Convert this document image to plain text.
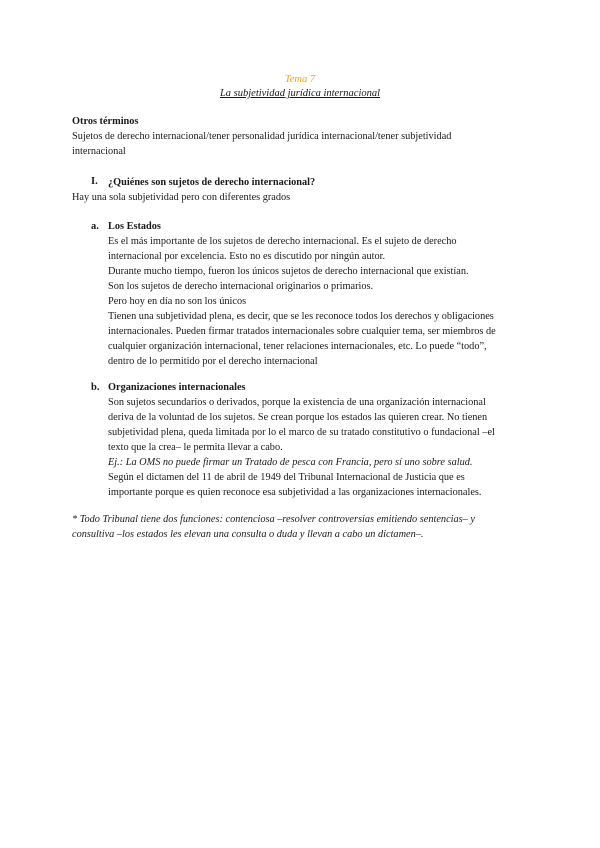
Tema 7
La subjetividad jurídica internacional
Otros términos
Sujetos de derecho internacional/tener personalidad jurídica internacional/tener subjetividad
internacional
I. ¿Quiénes son sujetos de derecho internacional?
Hay una sola subjetividad pero con diferentes grados
a. Los Estados
Es el más importante de los sujetos de derecho internacional. Es el sujeto de derecho
internacional por excelencia. Esto no es discutido por ningún autor.
Durante mucho tiempo, fueron los únicos sujetos de derecho internacional que existían.
Son los sujetos de derecho internacional originarios o primarios.
Pero hoy en día no son los únicos
Tienen una subjetividad plena, es decir, que se les reconoce todos los derechos y obligaciones
internacionales. Pueden firmar tratados internacionales sobre cualquier tema, ser miembros de
cualquier organización internacional, tener relaciones internacionales, etc. Lo puede “todo”,
dentro de lo permitido por el derecho internacional
b. Organizaciones internacionales
Son sujetos secundarios o derivados, porque la existencia de una organización internacional
deriva de la voluntad de los sujetos. Se crean porque los estados las quieren crear. No tienen
subjetividad plena, queda limitada por lo el marco de su tratado constitutivo o fundacional –el
texto que la crea– le permita llevar a cabo.
Ej.: La OMS no puede firmar un Tratado de pesca con Francia, pero sí uno sobre salud.
Según el dictamen del 11 de abril de 1949 del Tribunal Internacional de Justicia que es
importante porque es quien reconoce esa subjetividad a las organizaciones internacionales.
* Todo Tribunal tiene dos funciones: contenciosa –resolver controversias emitiendo sentencias– y
consultiva –los estados les elevan una consulta o duda y llevan a cabo un dictamen–.
